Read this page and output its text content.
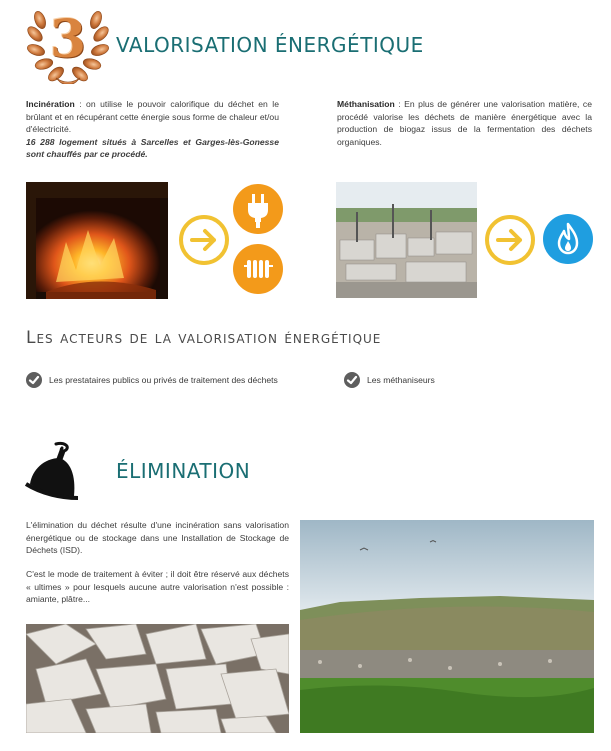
3	VALORISATION ÉNERGÉTIQUE
Incinération : on utilise le pouvoir calorifique du déchet en le brûlant et en récupérant cette énergie sous forme de chaleur et/ou d'électricité.
16 288 logement situés à Sarcelles et Garges-lès-Gonesse sont chauffés par ce procédé.
Méthanisation : En plus de générer une valorisation matière, ce procédé valorise les déchets de manière énergétique avec la production de biogaz issus de la fermentation des déchets organiques.
Les acteurs de la valorisation énergétique
Les prestataires publics ou privés de traitement des déchets	Les méthaniseurs
ÉLIMINATION
L'élimination du déchet résulte d'une incinération sans valorisation énergétique ou de stockage dans une Installation de Stockage de Déchets (ISD).
C'est le mode de traitement à éviter ; il doit être réservé aux déchets « ultimes » pour lesquels aucune autre valorisation n'est possible : amiante, plâtre...
